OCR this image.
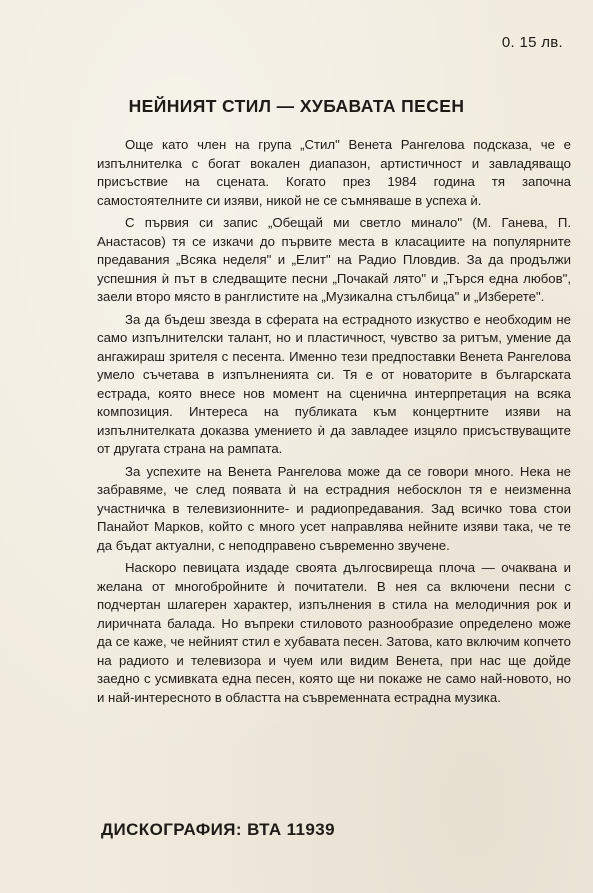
0. 15 лв.
НЕЙНИЯТ СТИЛ — ХУБАВАТА ПЕСЕН

Още като член на група „Стил" Венета Рангелова подсказа, че е изпълнителка с богат вокален диапазон, артистичност и завладяващо присъствие на сцената. Когато през 1984 година тя започна самостоятелните си изяви, никой не се съмняваше в успеха ѝ.

С първия си запис „Обещай ми светло минало" (М. Ганева, П. Анастасов) тя се изкачи до първите места в класациите на популярните предавания „Всяка неделя" и „Елит" на Радио Пловдив. За да продължи успешния ѝ път в следващите песни „Почакай лято" и „Търся една любов", заели второ място в ранглистите на „Музикална стълбица" и „Изберете".

За да бъдеш звезда в сферата на естрадното изкуство е необходим не само изпълнителски талант, но и пластичност, чувство за ритъм, умение да ангажираш зрителя с песента. Именно тези предпоставки Венета Рангелова умело съчетава в изпълненията си. Тя е от новаторите в българската естрада, която внесе нов момент на сценична интерпретация на всяка композиция. Интереса на публиката към концертните изяви на изпълнителката доказва умението ѝ да завладее изцяло присъствуващите от другата страна на рампата.

За успехите на Венета Рангелова може да се говори много. Нека не забравяме, че след появата ѝ на естрадния небосклон тя е неизменна участничка в телевизионните- и радиопредавания. Зад всичко това стои Панайот Марков, който с много усет направлява нейните изяви така, че те да бъдат актуални, с неподправено съвременно звучене.

Наскоро певицата издаде своята дългосвиреща плоча — очаквана и желана от многобройните ѝ почитатели. В нея са включени песни с подчертан шлагерен характер, изпълнения в стила на мелодичния рок и лиричната балада. Но въпреки стиловото разнообразие определено може да се каже, че нейният стил е хубавата песен. Затова, като включим копчето на радиото и телевизора и чуем или видим Венета, при нас ще дойде заедно с усмивката една песен, която ще ни покаже не само най-новото, но и най-интересното в областта на съвременната естрадна музика.

ДИСКОГРАФИЯ: ВТА 11939
